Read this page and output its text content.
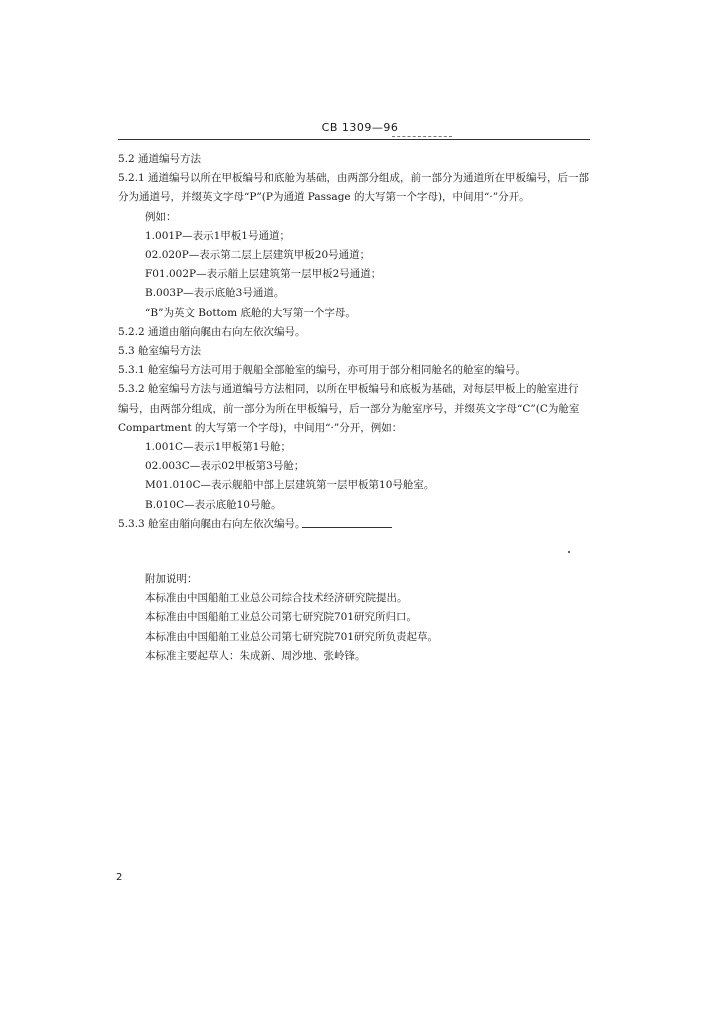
CB 1309—96
5.2 通道编号方法
5.2.1 通道编号以所在甲板编号和底舱为基础，由两部分组成，前一部分为通道所在甲板编号，后一部
分为通道号，并缀英文字母“P”(P为通道 Passage 的大写第一个字母)，中间用“·”分开。
例如：
1.001P—表示1甲板1号通道；
02.020P—表示第二层上层建筑甲板20号通道；
F01.002P—表示艏上层建筑第一层甲板2号通道；
B.003P—表示底舱3号通道。
“B”为英文 Bottom 底舱的大写第一个字母。
5.2.2 通道由艏向艉由右向左依次编号。
5.3 舱室编号方法
5.3.1 舱室编号方法可用于舰船全部舱室的编号，亦可用于部分相同舱名的舱室的编号。
5.3.2 舱室编号方法与通道编号方法相同，以所在甲板编号和底板为基础，对每层甲板上的舱室进行
编号，由两部分组成，前一部分为所在甲板编号，后一部分为舱室序号，并缀英文字母“C”(C为舱室
Compartment 的大写第一个字母)，中间用“·”分开，例如：
1.001C—表示1甲板第1号舱；
02.003C—表示02甲板第3号舱；
M01.010C—表示舰船中部上层建筑第一层甲板第10号舱室。
B.010C—表示底舱10号舱。
5.3.3 舱室由艏向艉由右向左依次编号。
附加说明：
本标准由中国船舶工业总公司综合技术经济研究院提出。
本标准由中国船舶工业总公司第七研究院701研究所归口。
本标准由中国船舶工业总公司第七研究院701研究所负责起草。
本标准主要起草人：朱成新、周沙地、张岭锋。
2
